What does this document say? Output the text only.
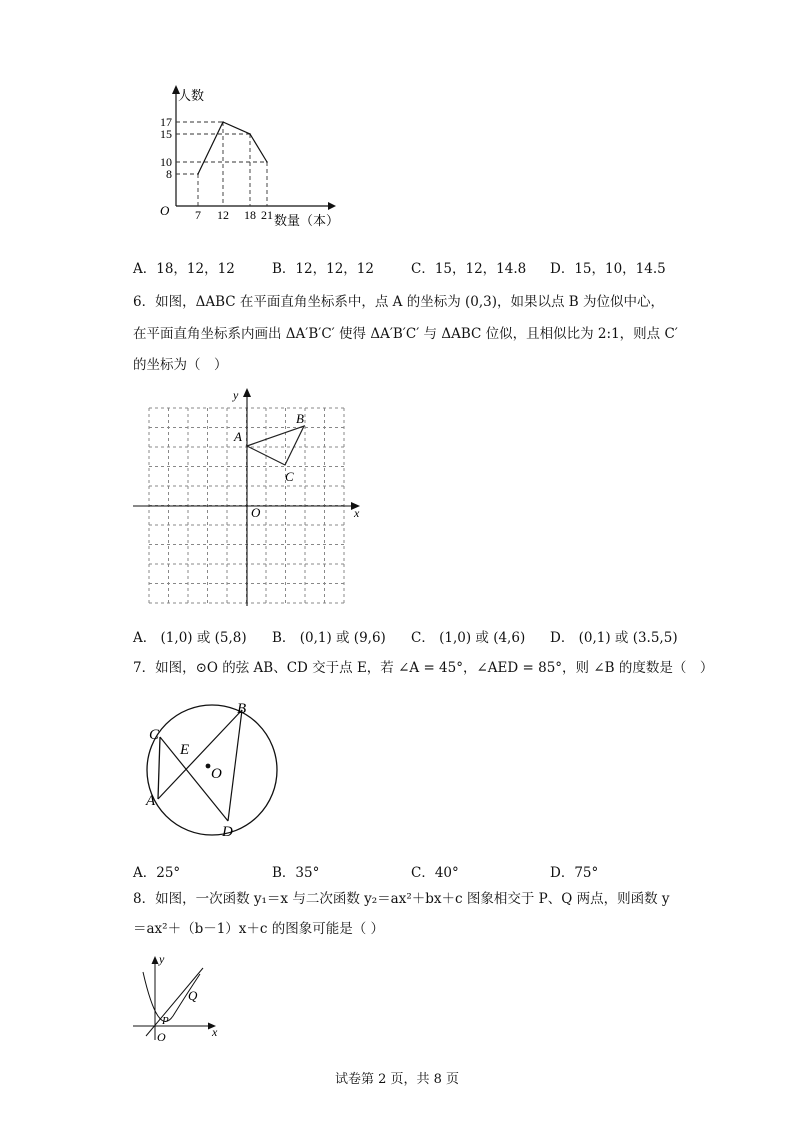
7 12 18 21
17
15
10
8
人数
数量（本）
O
A．18，12，12	B．12，12，12	C．15，12，14.8 D．15，10，14.5
6．如图，ΔABC 在平面直角坐标系中，点 A 的坐标为 (0,3)，如果以点 B 为位似中心，
在平面直角坐标系内画出 ΔA′B′C′ 使得 ΔA′B′C′ 与 ΔABC 位似，且相似比为 2:1，则点 C′
的坐标为（　）
A
B
C
O	x
y
A． (1,0) 或 (5,8) B． (0,1) 或 (9,6) C． (1,0) 或 (4,6) D． (0,1) 或 (3.5,5)
7．如图，⊙O 的弦 AB、CD 交于点 E，若 ∠A = 45°，∠AED = 85°，则 ∠B 的度数是（　）
C
B
A
D
E
O
A．25°	B．35°	C．40°	D．75°
8．如图，一次函数 y₁＝x 与二次函数 y₂＝ax²＋bx＋c 图象相交于 P、Q 两点，则函数 y
＝ax²＋（b－1）x＋c 的图象可能是（ ）
y
x
O
P
Q
试卷第 2 页，共 8 页
